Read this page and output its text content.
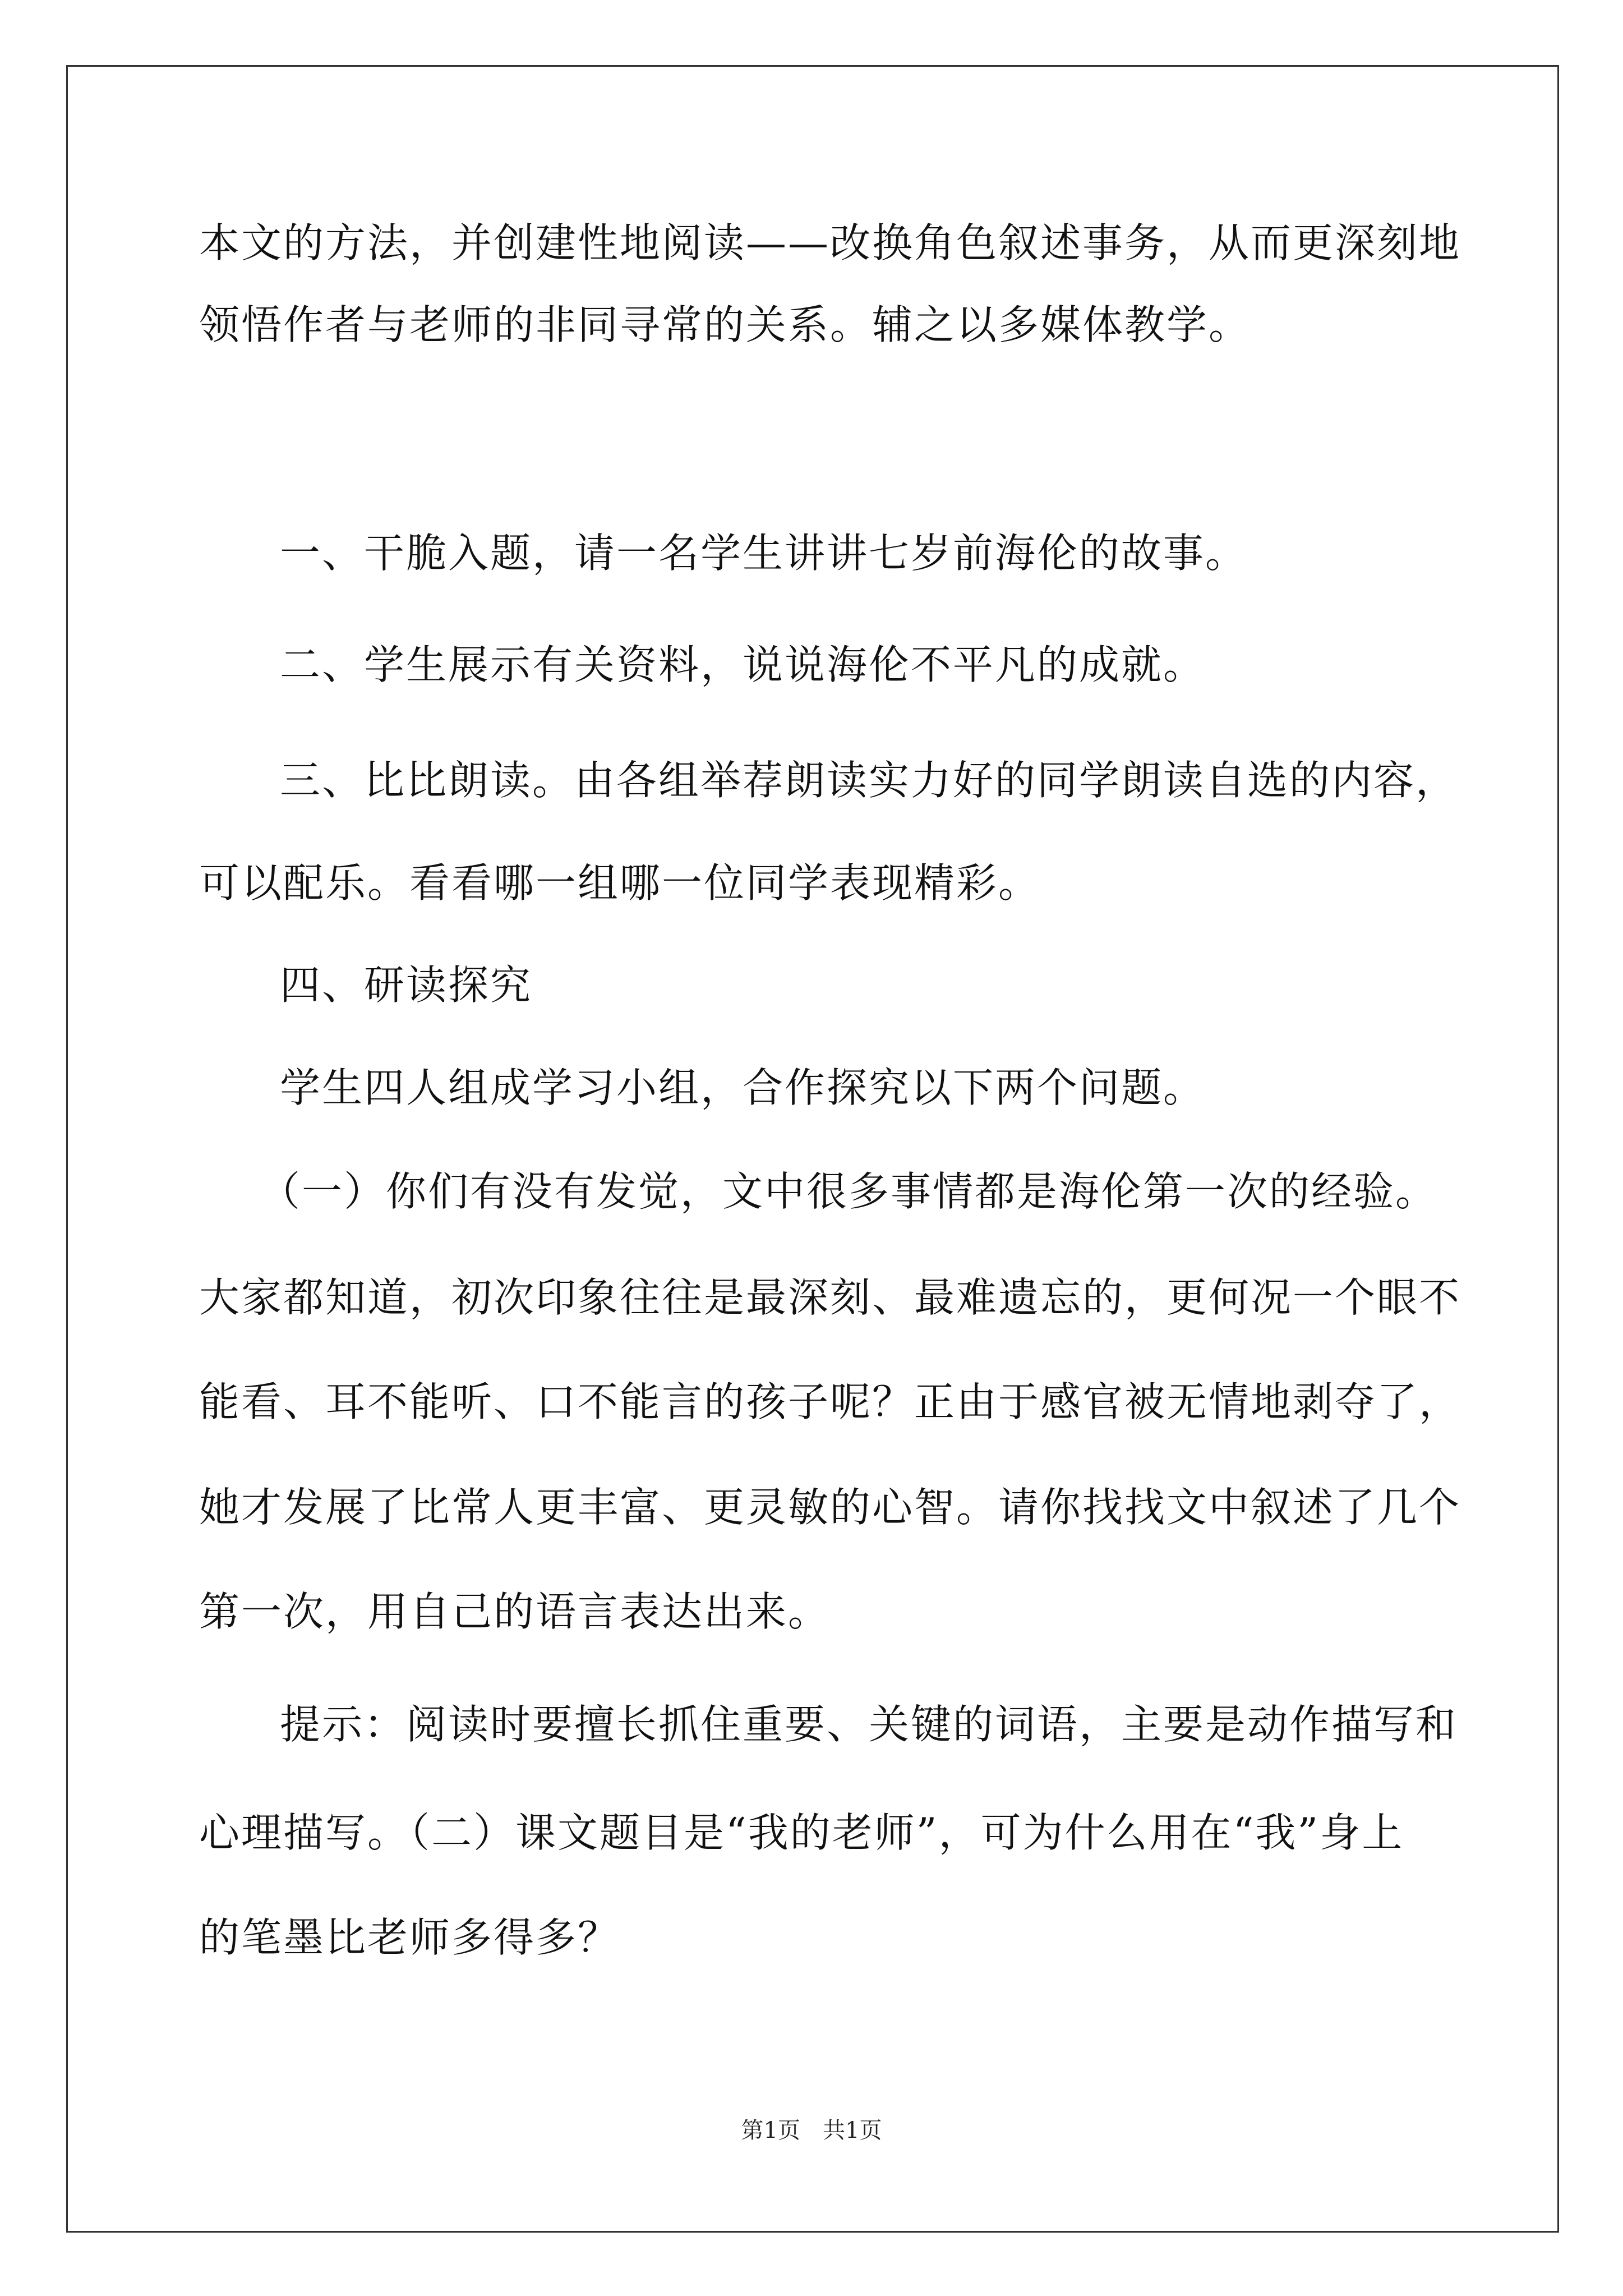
本文的方法，并创建性地阅读——改换角色叙述事务，从而更深刻地
领悟作者与老师的非同寻常的关系。辅之以多媒体教学。
一、干脆入题，请一名学生讲讲七岁前海伦的故事。
二、学生展示有关资料，说说海伦不平凡的成就。
三、比比朗读。由各组举荐朗读实力好的同学朗读自选的内容，
可以配乐。看看哪一组哪一位同学表现精彩。
四、研读探究
学生四人组成学习小组，合作探究以下两个问题。
（一）你们有没有发觉，文中很多事情都是海伦第一次的经验。
大家都知道，初次印象往往是最深刻、最难遗忘的，更何况一个眼不
能看、耳不能听、口不能言的孩子呢？正由于感官被无情地剥夺了，
她才发展了比常人更丰富、更灵敏的心智。请你找找文中叙述了几个
第一次，用自己的语言表达出来。
提示：阅读时要擅长抓住重要、关键的词语，主要是动作描写和
心理描写。（二）课文题目是“我的老师”，可为什么用在“我”身上
的笔墨比老师多得多？
第1页　共1页
